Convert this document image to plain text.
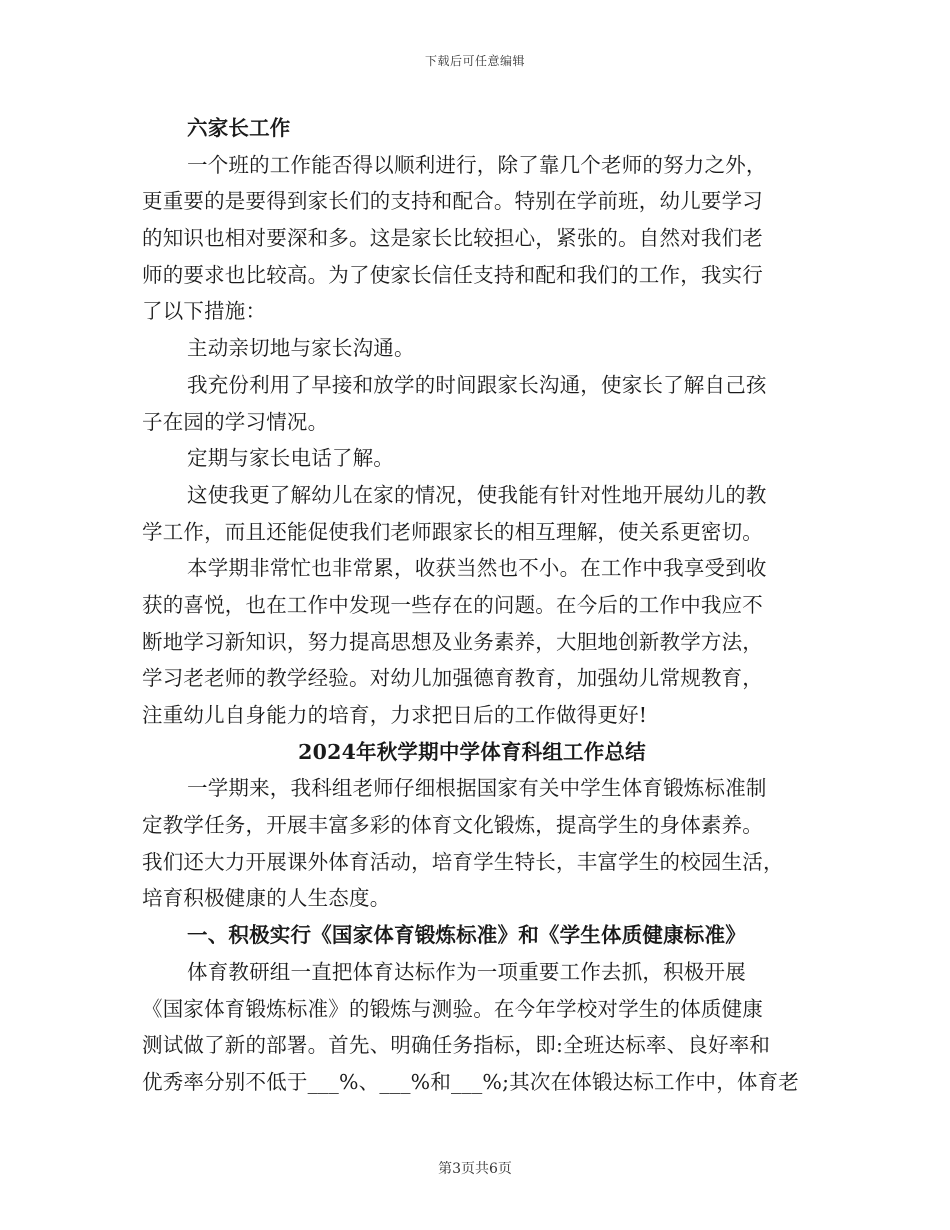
下载后可任意编辑
六家长工作
一个班的工作能否得以顺利进行，除了靠几个老师的努力之外，
更重要的是要得到家长们的支持和配合。特别在学前班，幼儿要学习
的知识也相对要深和多。这是家长比较担心，紧张的。自然对我们老
师的要求也比较高。为了使家长信任支持和配和我们的工作，我实行
了以下措施：
主动亲切地与家长沟通。
我充份利用了早接和放学的时间跟家长沟通，使家长了解自己孩
子在园的学习情况。
定期与家长电话了解。
这使我更了解幼儿在家的情况，使我能有针对性地开展幼儿的教
学工作，而且还能促使我们老师跟家长的相互理解，使关系更密切。
本学期非常忙也非常累，收获当然也不小。在工作中我享受到收
获的喜悦，也在工作中发现一些存在的问题。在今后的工作中我应不
断地学习新知识，努力提高思想及业务素养，大胆地创新教学方法，
学习老老师的教学经验。对幼儿加强德育教育，加强幼儿常规教育，
注重幼儿自身能力的培育，力求把日后的工作做得更好!
2024年秋学期中学体育科组工作总结
一学期来，我科组老师仔细根据国家有关中学生体育锻炼标准制
定教学任务，开展丰富多彩的体育文化锻炼，提高学生的身体素养。
我们还大力开展课外体育活动，培育学生特长，丰富学生的校园生活，
培育积极健康的人生态度。
一、积极实行《国家体育锻炼标准》和《学生体质健康标准》
体育教研组一直把体育达标作为一项重要工作去抓，积极开展
《国家体育锻炼标准》的锻炼与测验。在今年学校对学生的体质健康
测试做了新的部署。首先、明确任务指标，即:全班达标率、良好率和
优秀率分别不低于___%、___%和___%;其次在体锻达标工作中，体育老
第3页共6页
